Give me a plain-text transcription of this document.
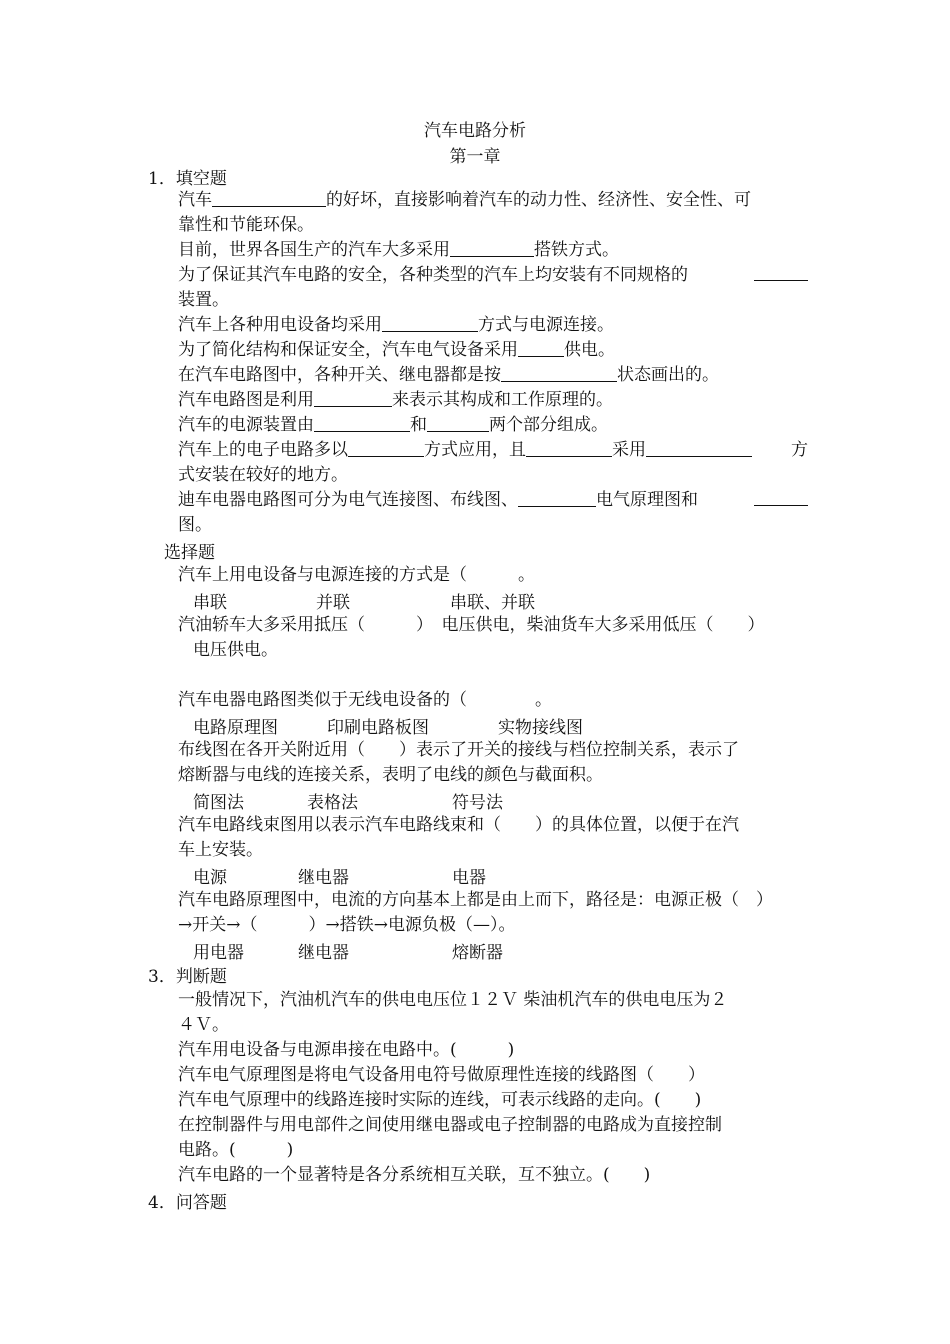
汽车电路分析
第一章
1．填空题
汽车	的好坏，直接影响着汽车的动力性、经济性、安全性、可
靠性和节能环保。
目前，世界各国生产的汽车大多采用	搭铁方式。
为了保证其汽车电路的安全，各种类型的汽车上均安装有不同规格的
装置。
汽车上各种用电设备均采用	方式与电源连接。
为了简化结构和保证安全，汽车电气设备采用	供电。
在汽车电路图中，各种开关、继电器都是按	状态画出的。
汽车电路图是利用	来表示其构成和工作原理的。
汽车的电源装置由	和	两个部分组成。
汽车上的电子电路多以	方式应用，且	采用	方
式安装在较好的地方。
迪车电器电路图可分为电气连接图、布线图、	电气原理图和
图。
选择题
汽车上用电设备与电源连接的方式是（　　　。
串联	并联	串联、并联
汽油轿车大多采用抵压（　　　）　电压供电，柴油货车大多采用低压（　　）
电压供电。
汽车电器电路图类似于无线电设备的（　　　　。
电路原理图	印刷电路板图	实物接线图
布线图在各开关附近用（　　）表示了开关的接线与档位控制关系，表示了
熔断器与电线的连接关系，表明了电线的颜色与截面积。
简图法	表格法	符号法
汽车电路线束图用以表示汽车电路线束和（　　）的具体位置，以便于在汽
车上安装。
电源	继电器	电器
汽车电路原理图中，电流的方向基本上都是由上而下，路径是：电源正极（　）
→开关→（　　　）→搭铁→电源负极（—）。
用电器	继电器	熔断器
3．判断题
一般情况下，汽油机汽车的供电电压位１２Ｖ 柴油机汽车的供电电压为２
４Ｖ。
汽车用电设备与电源串接在电路中。(　　　)
汽车电气原理图是将电气设备用电符号做原理性连接的线路图（　　）
汽车电气原理中的线路连接时实际的连线，可表示线路的走向。(　　)
在控制器件与用电部件之间使用继电器或电子控制器的电路成为直接控制
电路。(　　　)
汽车电路的一个显著特是各分系统相互关联，互不独立。(　　)
4．问答题
